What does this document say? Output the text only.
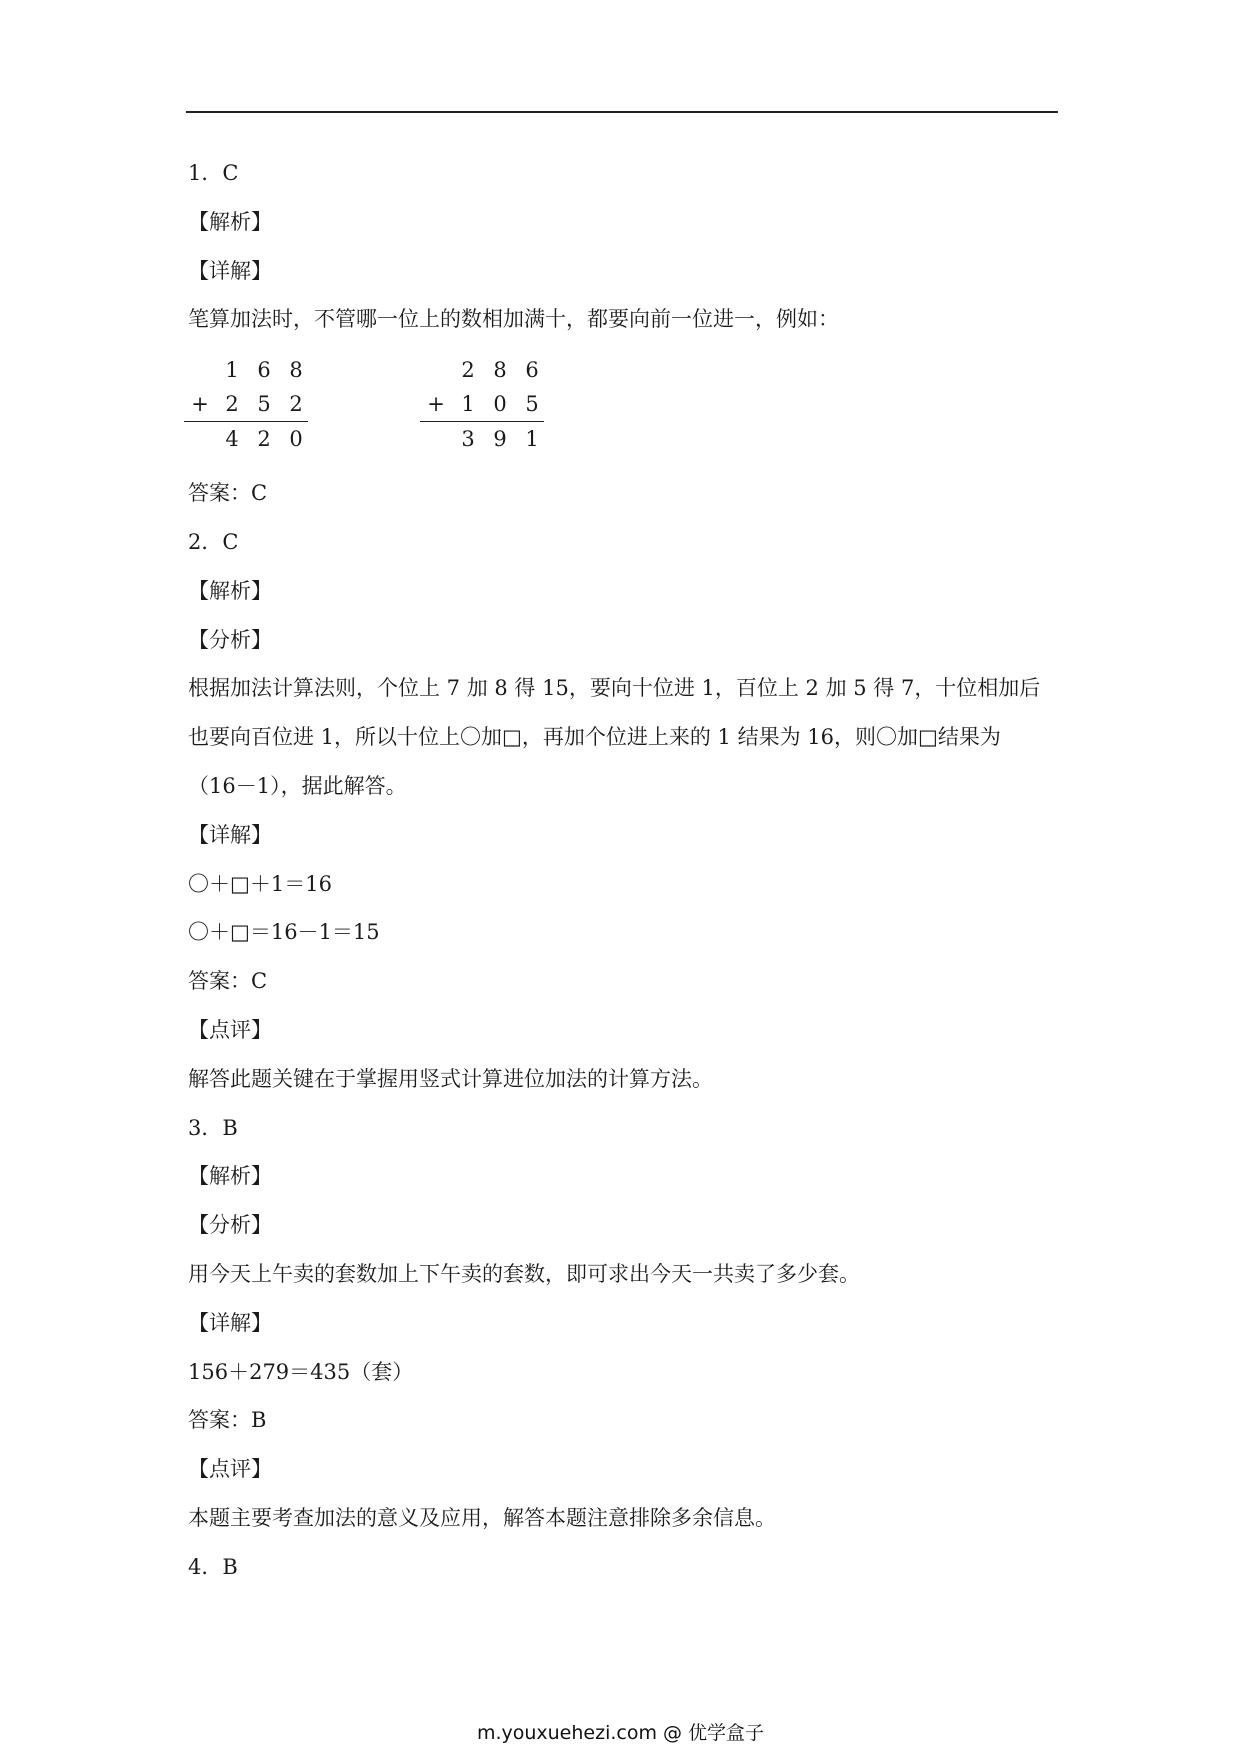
1．C
【解析】
【详解】
笔算加法时，不管哪一位上的数相加满十，都要向前一位进一，例如：
1 6 8
+ 2 5 2
4 2 0
2 8 6
+ 1 0 5
3 9 1
答案：C
2．C
【解析】
【分析】
根据加法计算法则，个位上 7 加 8 得 15，要向十位进 1，百位上 2 加 5 得 7，十位相加后
也要向百位进 1，所以十位上〇加□，再加个位进上来的 1 结果为 16，则〇加□结果为
（16－1），据此解答。
【详解】
〇＋□＋1＝16
〇＋□＝16－1＝15
答案：C
【点评】
解答此题关键在于掌握用竖式计算进位加法的计算方法。
3．B
【解析】
【分析】
用今天上午卖的套数加上下午卖的套数，即可求出今天一共卖了多少套。
【详解】
156＋279＝435（套）
答案：B
【点评】
本题主要考查加法的意义及应用，解答本题注意排除多余信息。
4．B
m.youxuehezi.com @ 优学盒子
